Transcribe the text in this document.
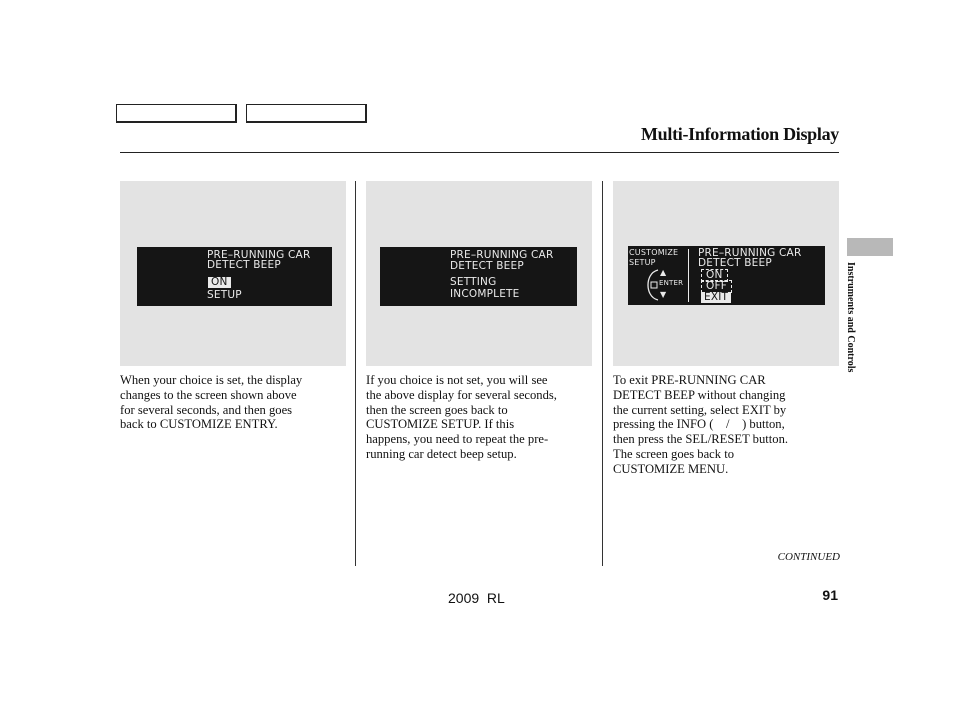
Multi-Information Display
PRE–RUNNING CAR
DETECT BEEP
ON
SETUP
PRE–RUNNING CAR
DETECT BEEP
SETTING
INCOMPLETE
CUSTOMIZE
SETUP
▲
ENTER
▼
PRE–RUNNING CAR
DETECT BEEP
ON
OFF
EXIT
When your choice is set, the display
changes to the screen shown above
for several seconds, and then goes
back to CUSTOMIZE ENTRY.
If you choice is not set, you will see
the above display for several seconds,
then the screen goes back to
CUSTOMIZE SETUP. If this
happens, you need to repeat the pre-
running car detect beep setup.
To exit PRE-RUNNING CAR
DETECT BEEP without changing
the current setting, select EXIT by
pressing the INFO (    /    ) button,
then press the SEL/RESET button.
The screen goes back to
CUSTOMIZE MENU.
Instruments and Controls
CONTINUED
2009  RL	91
